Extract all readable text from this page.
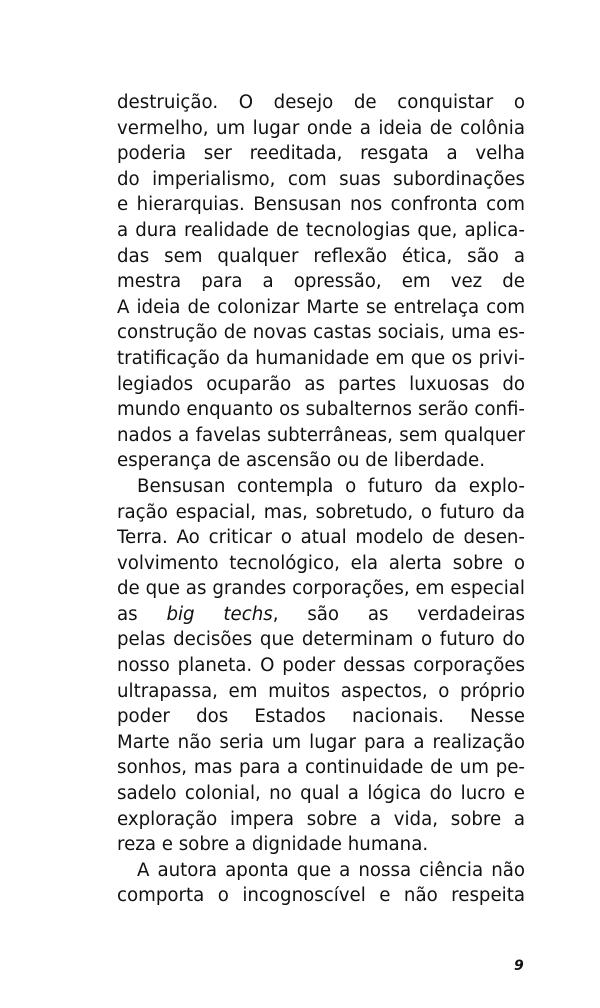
destruição. O desejo de conquistar o
vermelho, um lugar onde a ideia de colônia
poderia ser reeditada, resgata a velha
do imperialismo, com suas subordinações
e hierarquias. Bensusan nos confronta com
a dura realidade de tecnologias que, aplica-
das sem qualquer reflexão ética, são a
mestra para a opressão, em vez de
A ideia de colonizar Marte se entrelaça com
construção de novas castas sociais, uma es-
tratificação da humanidade em que os privi-
legiados ocuparão as partes luxuosas do
mundo enquanto os subalternos serão confi-
nados a favelas subterrâneas, sem qualquer
esperança de ascensão ou de liberdade.
Bensusan contempla o futuro da explo-
ração espacial, mas, sobretudo, o futuro da
Terra. Ao criticar o atual modelo de desen-
volvimento tecnológico, ela alerta sobre o
de que as grandes corporações, em especial
as big techs, são as verdadeiras
pelas decisões que determinam o futuro do
nosso planeta. O poder dessas corporações
ultrapassa, em muitos aspectos, o próprio
poder dos Estados nacionais. Nesse
Marte não seria um lugar para a realização
sonhos, mas para a continuidade de um pe-
sadelo colonial, no qual a lógica do lucro e
exploração impera sobre a vida, sobre a
reza e sobre a dignidade humana.
A autora aponta que a nossa ciência não
comporta o incognoscível e não respeita
9
